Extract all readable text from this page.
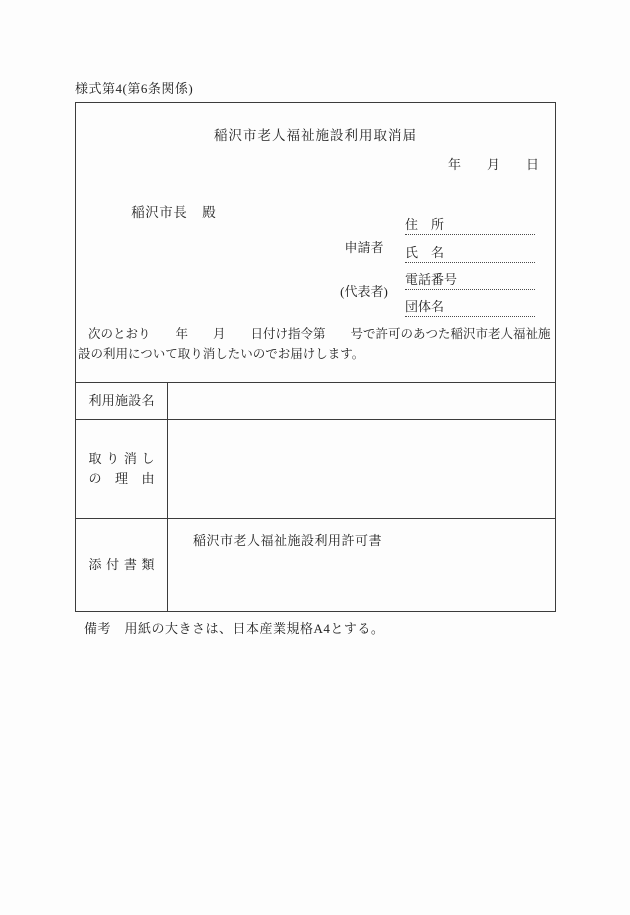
様式第4(第6条関係)
稲沢市老人福祉施設利用取消届
年　　月　　日

稲沢市長 殿

申請者

(代表者)

住　所
氏　名
電話番号
団体名
次のとおり　　年　　月　　日付け指令第　　号で許可のあつた稲沢市老人福祉施設の利用について取り消したいのでお届けします。
利用施設名
取り消し
の理由
添付書類
稲沢市老人福祉施設利用許可書
備考　用紙の大きさは、日本産業規格A4とする。
